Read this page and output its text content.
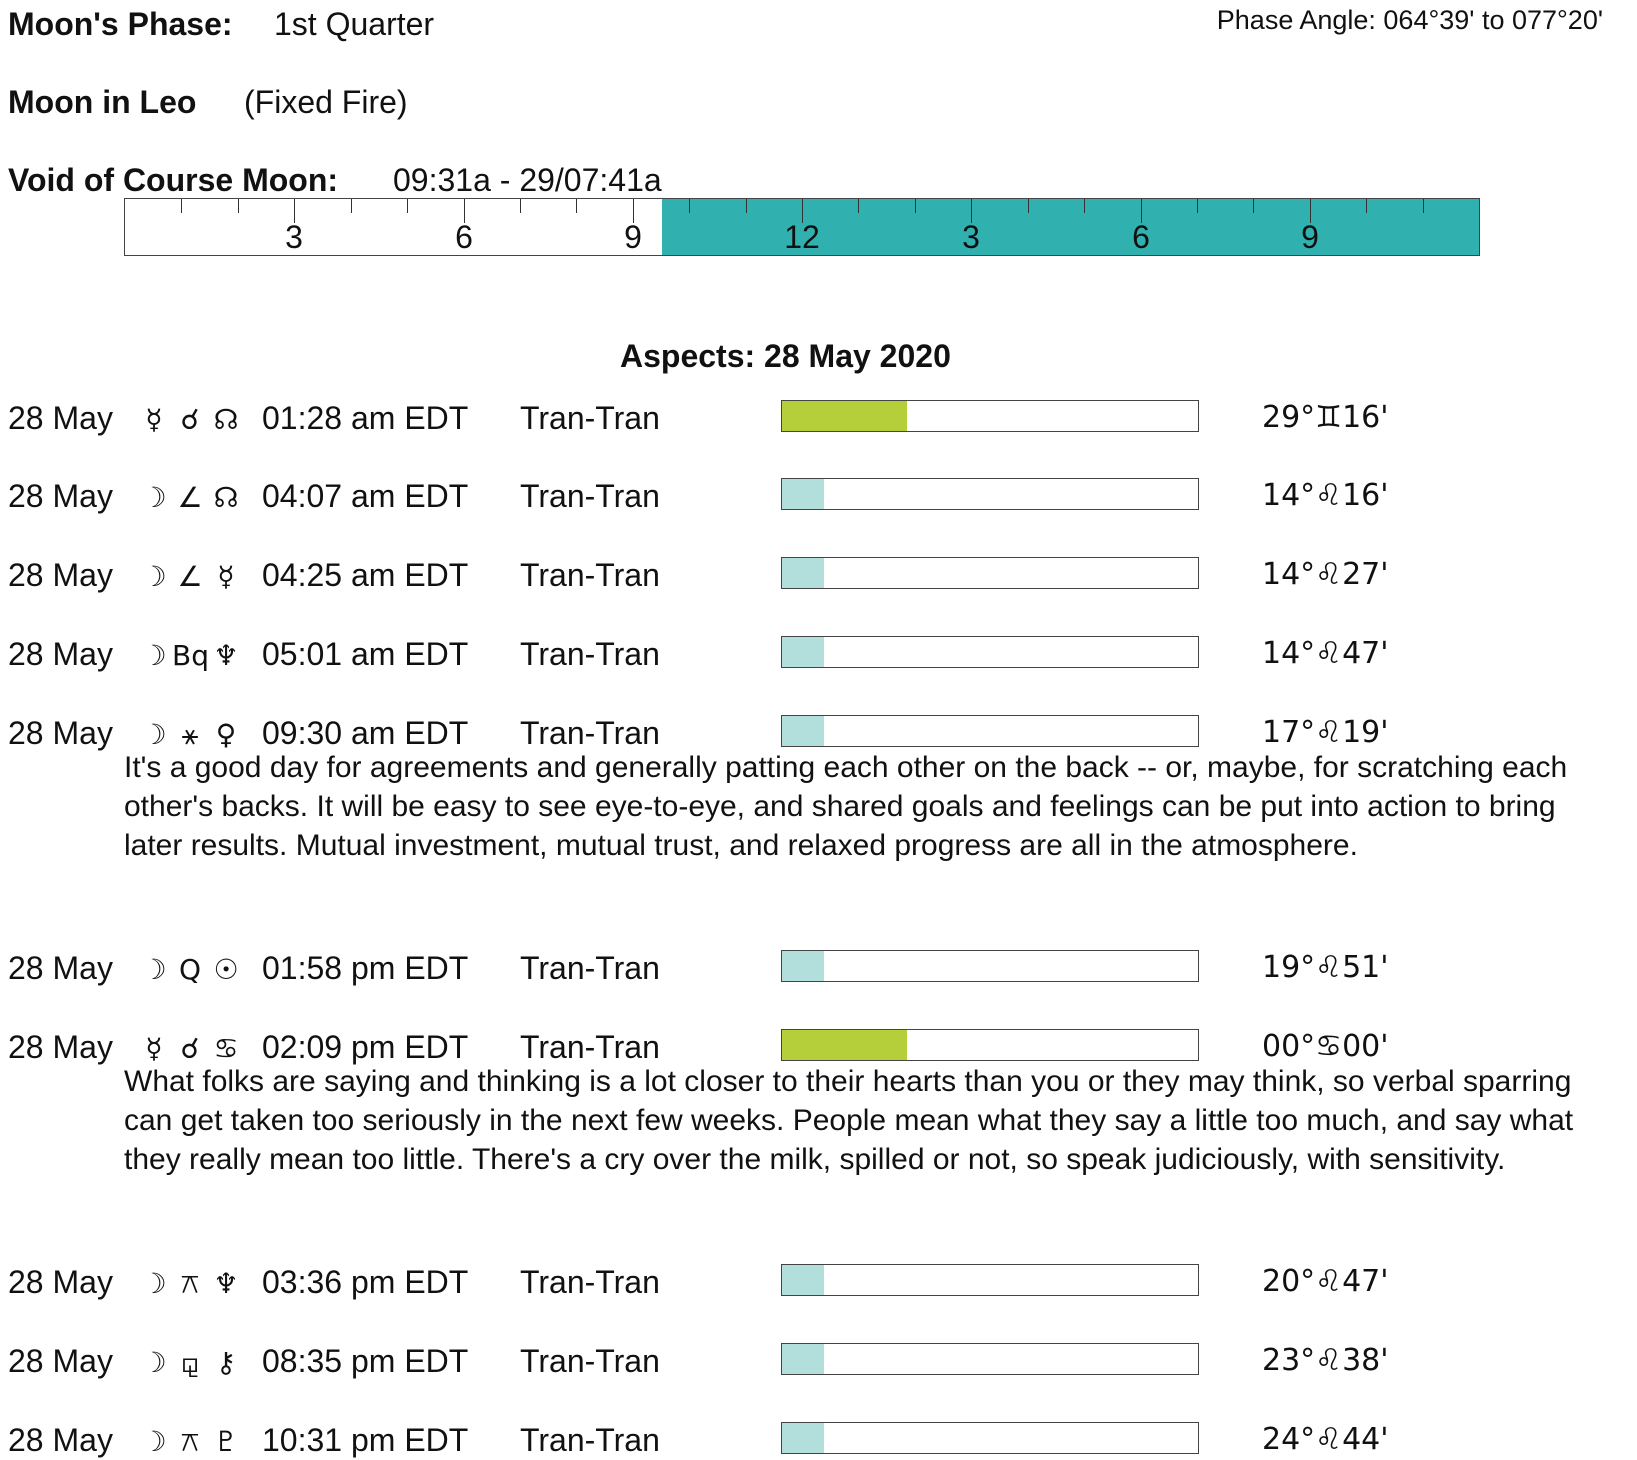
Moon's Phase: 1st Quarter	Phase Angle: 064°39' to 077°20'
Moon in Leo (Fixed Fire)
Void of Course Moon: 09:31a - 29/07:41a
3	6	9	12	3	6	9
Aspects: 28 May 2020
28 May	☿ ☌ ☊ 01:28 am EDT Tran-Tran	29°♊16'
28 May ☽ ∠ ☊ 04:07 am EDT Tran-Tran	14°♌16'
28 May ☽ ∠ ☿ 04:25 am EDT Tran-Tran	14°♌27'
28 May ☽ Bq ♆ 05:01 am EDT Tran-Tran	14°♌47'
28 May ☽ ⚹ ♀ 09:30 am EDT Tran-Tran	17°♌19'
It's a good day for agreements and generally patting each other on the back -- or, maybe, for scratching each other's backs. It will be easy to see eye-to-eye, and shared goals and feelings can be put into action to bring later results. Mutual investment, mutual trust, and relaxed progress are all in the atmosphere.
28 May ☽ Q ☉ 01:58 pm EDT Tran-Tran	19°♌51'
28 May	☿ ☌ ♋ 02:09 pm EDT Tran-Tran	00°♋00'
What folks are saying and thinking is a lot closer to their hearts than you or they may think, so verbal sparring can get taken too seriously in the next few weeks. People mean what they say a little too much, and say what they really mean too little. There's a cry over the milk, spilled or not, so speak judiciously, with sensitivity.
28 May ☽ ⚻ ♆ 03:36 pm EDT Tran-Tran	20°♌47'
28 May ☽ ⚼ ⚷ 08:35 pm EDT Tran-Tran	23°♌38'
28 May ☽ ⚻ ♇ 10:31 pm EDT Tran-Tran	24°♌44'
